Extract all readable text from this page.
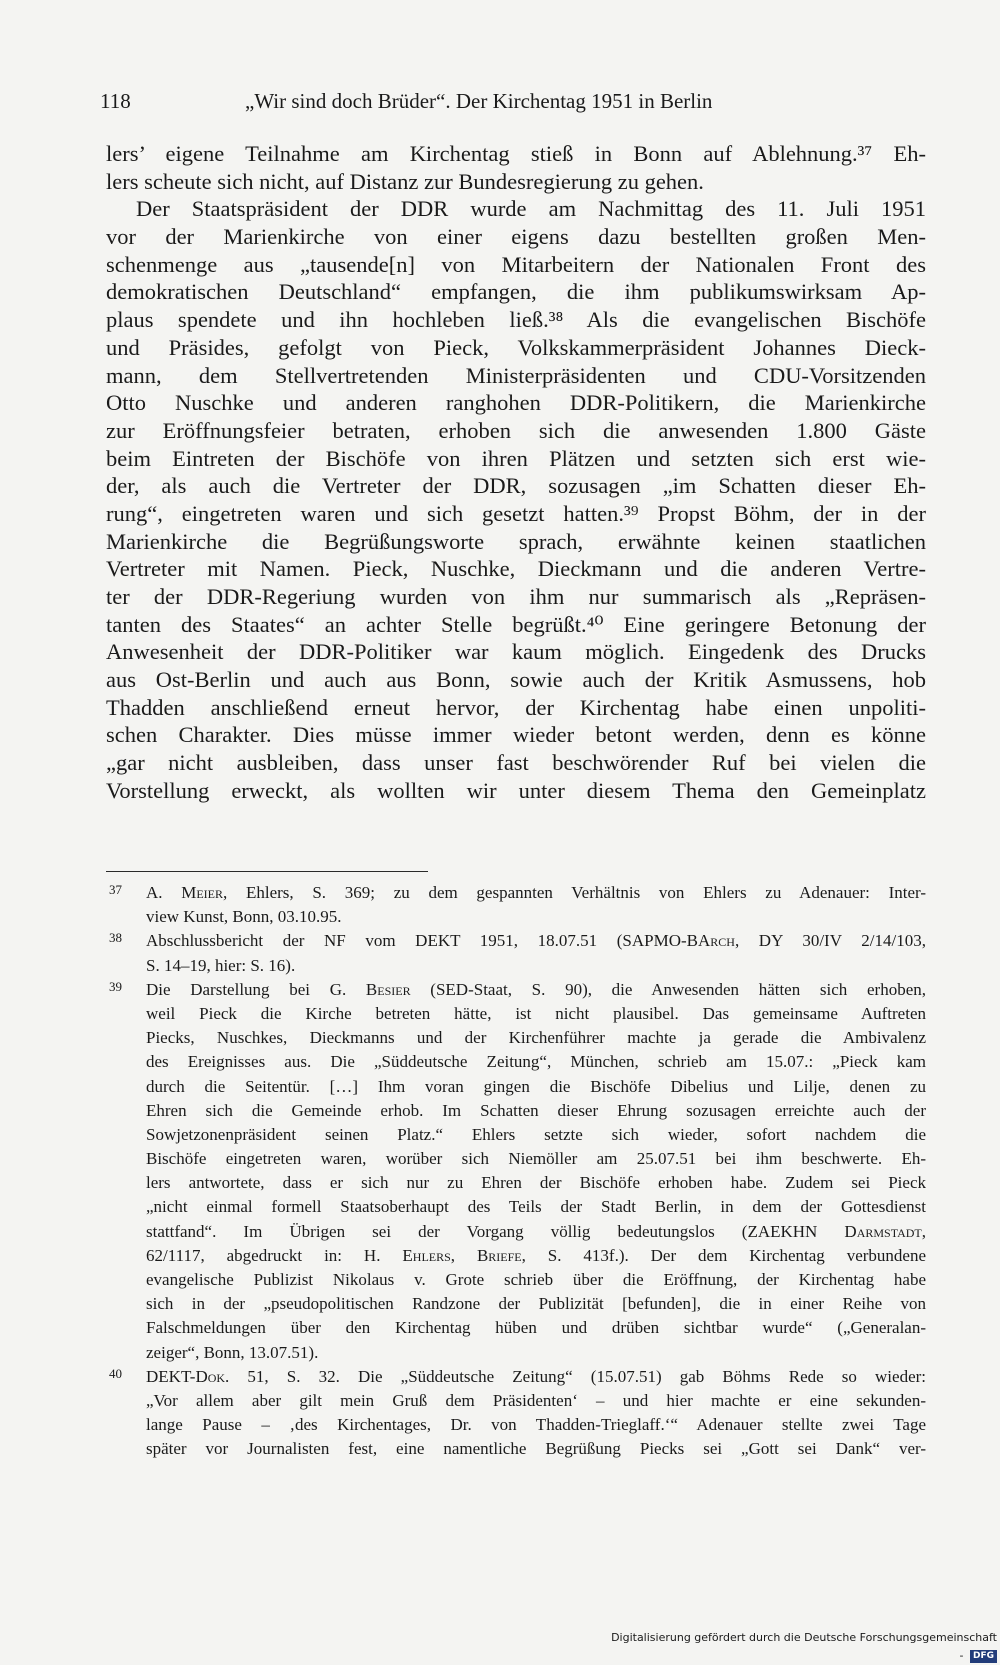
118	„Wir sind doch Brüder“. Der Kirchentag 1951 in Berlin
lers’ eigene Teilnahme am Kirchentag stieß in Bonn auf Ablehnung.³⁷ Eh-
lers scheute sich nicht, auf Distanz zur Bundesregierung zu gehen.
Der Staatspräsident der DDR wurde am Nachmittag des 11. Juli 1951
vor der Marienkirche von einer eigens dazu bestellten großen Men-
schenmenge aus „tausende[n] von Mitarbeitern der Nationalen Front des
demokratischen Deutschland“ empfangen, die ihm publikumswirksam Ap-
plaus spendete und ihn hochleben ließ.³⁸ Als die evangelischen Bischöfe
und Präsides, gefolgt von Pieck, Volkskammerpräsident Johannes Dieck-
mann, dem Stellvertretenden Ministerpräsidenten und CDU-Vorsitzenden
Otto Nuschke und anderen ranghohen DDR-Politikern, die Marienkirche
zur Eröffnungsfeier betraten, erhoben sich die anwesenden 1.800 Gäste
beim Eintreten der Bischöfe von ihren Plätzen und setzten sich erst wie-
der, als auch die Vertreter der DDR, sozusagen „im Schatten dieser Eh-
rung“, eingetreten waren und sich gesetzt hatten.³⁹ Propst Böhm, der in der
Marienkirche die Begrüßungsworte sprach, erwähnte keinen staatlichen
Vertreter mit Namen. Pieck, Nuschke, Dieckmann und die anderen Vertre-
ter der DDR-Regeriung wurden von ihm nur summarisch als „Repräsen-
tanten des Staates“ an achter Stelle begrüßt.⁴⁰ Eine geringere Betonung der
Anwesenheit der DDR-Politiker war kaum möglich. Eingedenk des Drucks
aus Ost-Berlin und auch aus Bonn, sowie auch der Kritik Asmussens, hob
Thadden anschließend erneut hervor, der Kirchentag habe einen unpoliti-
schen Charakter. Dies müsse immer wieder betont werden, denn es könne
„gar nicht ausbleiben, dass unser fast beschwörender Ruf bei vielen die
Vorstellung erweckt, als wollten wir unter diesem Thema den Gemeinplatz
37 A. Meier, Ehlers, S. 369; zu dem gespannten Verhältnis von Ehlers zu Adenauer: Inter-
view Kunst, Bonn, 03.10.95.
38 Abschlussbericht der NF vom DEKT 1951, 18.07.51 (SAPMO-BArch, DY 30/IV 2/14/103,
S. 14–19, hier: S. 16).
39 Die Darstellung bei G. Besier (SED-Staat, S. 90), die Anwesenden hätten sich erhoben,
weil Pieck die Kirche betreten hätte, ist nicht plausibel. Das gemeinsame Auftreten
Piecks, Nuschkes, Dieckmanns und der Kirchenführer machte ja gerade die Ambivalenz
des Ereignisses aus. Die „Süddeutsche Zeitung“, München, schrieb am 15.07.: „Pieck kam
durch die Seitentür. […] Ihm voran gingen die Bischöfe Dibelius und Lilje, denen zu
Ehren sich die Gemeinde erhob. Im Schatten dieser Ehrung sozusagen erreichte auch der
Sowjetzonenpräsident seinen Platz.“ Ehlers setzte sich wieder, sofort nachdem die
Bischöfe eingetreten waren, worüber sich Niemöller am 25.07.51 bei ihm beschwerte. Eh-
lers antwortete, dass er sich nur zu Ehren der Bischöfe erhoben habe. Zudem sei Pieck
„nicht einmal formell Staatsoberhaupt des Teils der Stadt Berlin, in dem der Gottesdienst
stattfand“. Im Übrigen sei der Vorgang völlig bedeutungslos (ZAEKHN Darmstadt,
62/1117, abgedruckt in: H. Ehlers, Briefe, S. 413f.). Der dem Kirchentag verbundene
evangelische Publizist Nikolaus v. Grote schrieb über die Eröffnung, der Kirchentag habe
sich in der „pseudopolitischen Randzone der Publizität [befunden], die in einer Reihe von
Falschmeldungen über den Kirchentag hüben und drüben sichtbar wurde“ („Generalan-
zeiger“, Bonn, 13.07.51).
40 DEKT-Dok. 51, S. 32. Die „Süddeutsche Zeitung“ (15.07.51) gab Böhms Rede so wieder:
„Vor allem aber gilt mein Gruß dem Präsidenten‘ – und hier machte er eine sekunden-
lange Pause – ‚des Kirchentages, Dr. von Thadden-Trieglaff.‘“ Adenauer stellte zwei Tage
später vor Journalisten fest, eine namentliche Begrüßung Piecks sei „Gott sei Dank“ ver-
Digitalisierung gefördert durch die Deutsche Forschungsgemeinschaft - DFG
